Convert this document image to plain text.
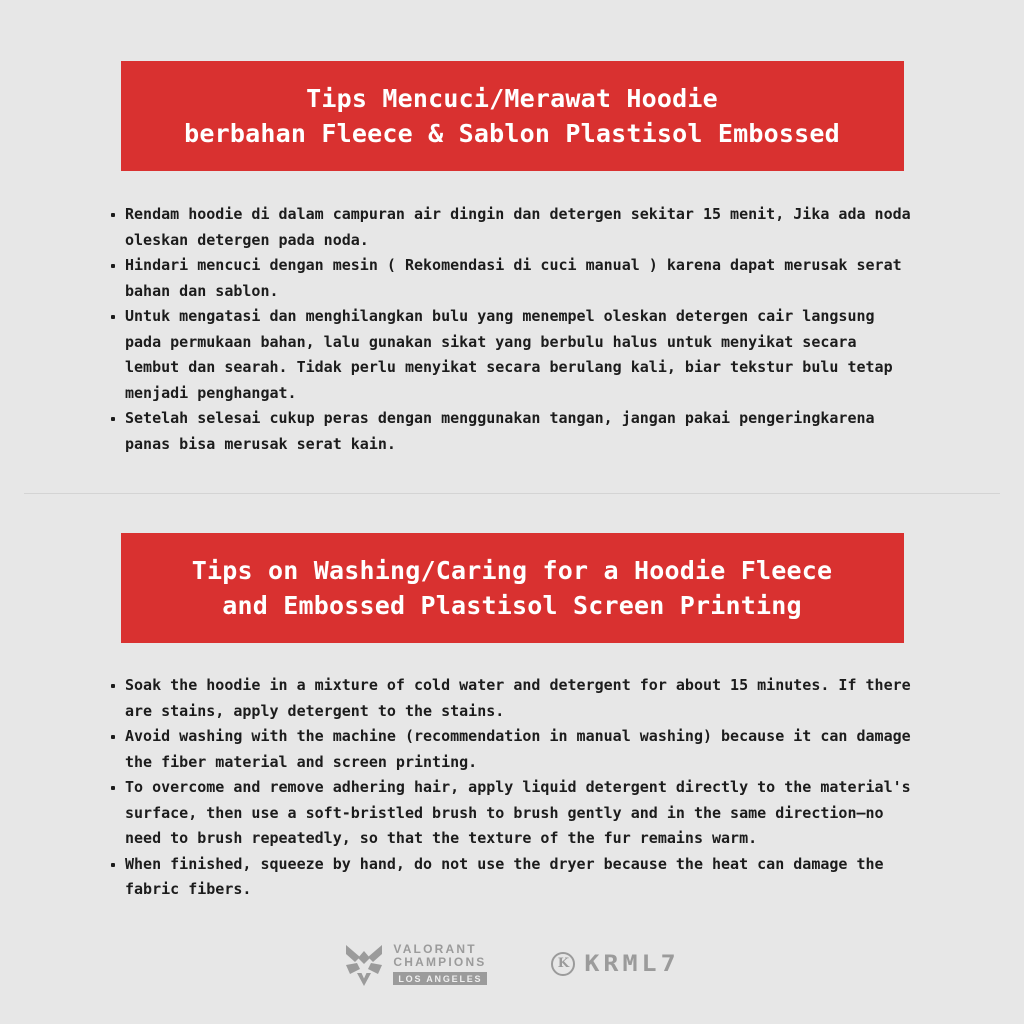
Tips Mencuci/Merawat Hoodie
berbahan Fleece & Sablon Plastisol Embossed
Rendam hoodie di dalam campuran air dingin dan detergen sekitar 15 menit, Jika ada noda oleskan detergen pada noda.
Hindari mencuci dengan mesin ( Rekomendasi di cuci manual ) karena dapat merusak serat bahan dan sablon.
Untuk mengatasi dan menghilangkan bulu yang menempel oleskan detergen cair langsung pada permukaan bahan, lalu gunakan sikat yang berbulu halus untuk menyikat secara lembut dan searah. Tidak perlu menyikat secara berulang kali, biar tekstur bulu tetap menjadi penghangat.
Setelah selesai cukup peras dengan menggunakan tangan, jangan pakai pengeringkarena panas bisa merusak serat kain.
Tips on Washing/Caring for a Hoodie Fleece
and Embossed Plastisol Screen Printing
Soak the hoodie in a mixture of cold water and detergent for about 15 minutes. If there are stains, apply detergent to the stains.
Avoid washing with the machine (recommendation in manual washing) because it can damage the fiber material and screen printing.
To overcome and remove adhering hair, apply liquid detergent directly to the material's surface, then use a soft-bristled brush to brush gently and in the same direction—no need to brush repeatedly, so that the texture of the fur remains warm.
When finished, squeeze by hand, do not use the dryer because the heat can damage the fabric fibers.
VALORANT
CHAMPIONS
LOS ANGELES
K KRML7
